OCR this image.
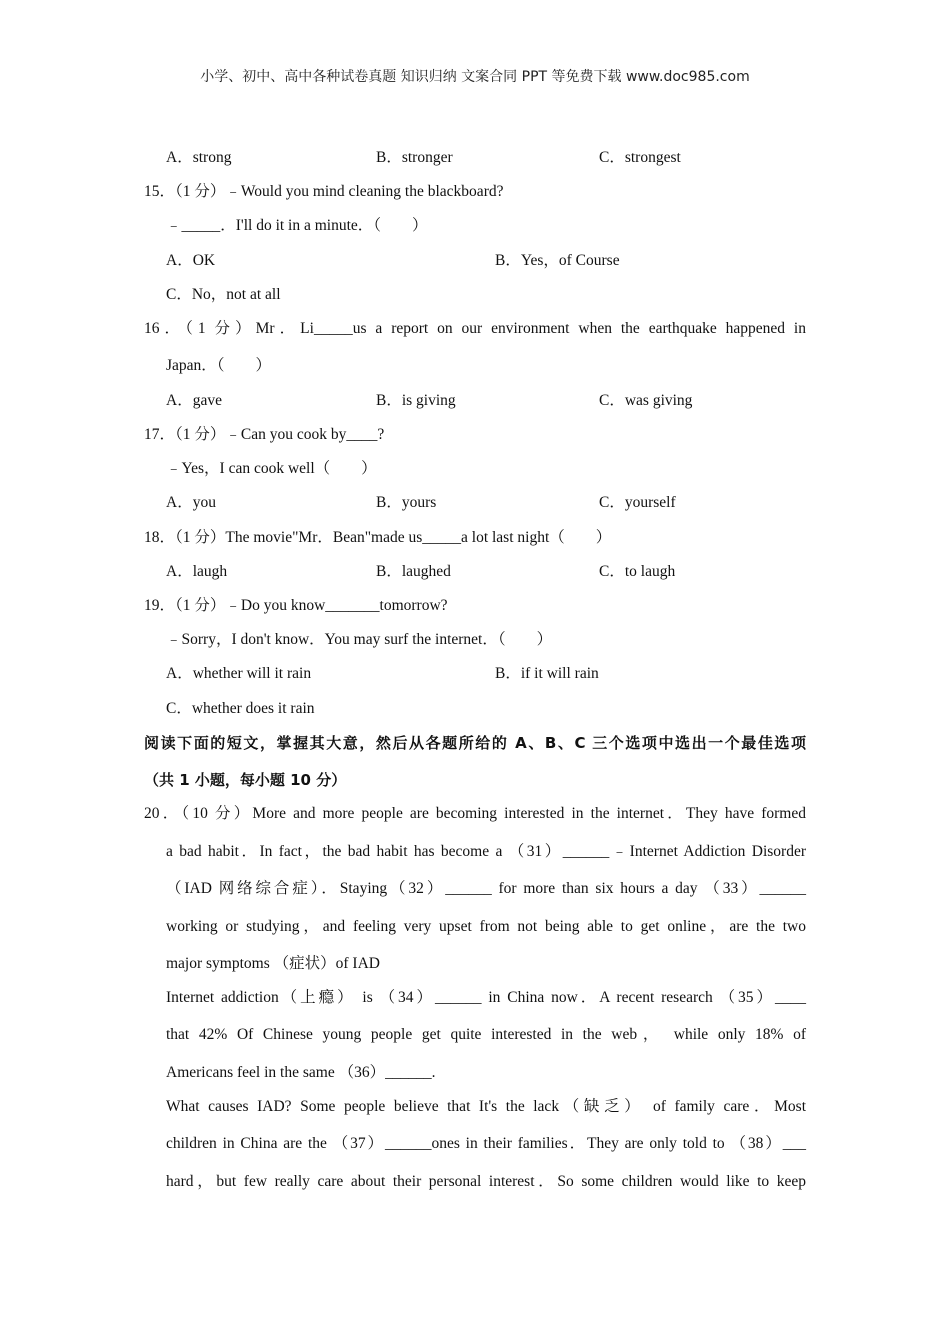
小学、初中、高中各种试卷真题 知识归纳 文案合同 PPT 等免费下载 www.doc985.com
A．strong	B．stronger	C．strongest
15．（1 分）﹣Would you mind cleaning the blackboard?
﹣_____．I'll do it in a minute．（　　）
A．OK	B．Yes，of Course
C．No，not at all
16．（1 分）Mr．Li_____us a report on our environment when the earthquake happened in
Japan．（　　）
A．gave	B．is giving	C．was giving
17．（1 分）﹣Can you cook by____?
﹣Yes，I can cook well（　　）
A．you	B．yours	C．yourself
18．（1 分）The movie"Mr．Bean"made us_____a lot last night（　　）
A．laugh	B．laughed	C．to laugh
19．（1 分）﹣Do you know_______tomorrow?
﹣Sorry，I don't know．You may surf the internet．（　　）
A．whether will it rain	B．if it will rain
C．whether does it rain
阅读下面的短文，掌握其大意，然后从各题所给的 A、B、C 三个选项中选出一个最佳选项
（共 1 小题，每小题 10 分）
20．（10 分）More and more people are becoming interested in the internet．They have formed
a bad habit．In fact，the bad habit has become a （31）______﹣Internet Addiction Disorder
（IAD 网络综合症）．Staying（32）______ for more than six hours a day （33）______
working or studying，and feeling very upset from not being able to get online，are the two
major symptoms （症状）of IAD
Internet addiction（上瘾） is （34）______ in China now．A recent research （35）____
that 42% Of Chinese young people get quite interested in the web， while only 18% of
Americans feel in the same （36）______.
What causes IAD? Some people believe that It's the lack（缺乏） of family care．Most
children in China are the （37）______ones in their families．They are only told to （38）___
hard，but few really care about their personal interest．So some children would like to keep
